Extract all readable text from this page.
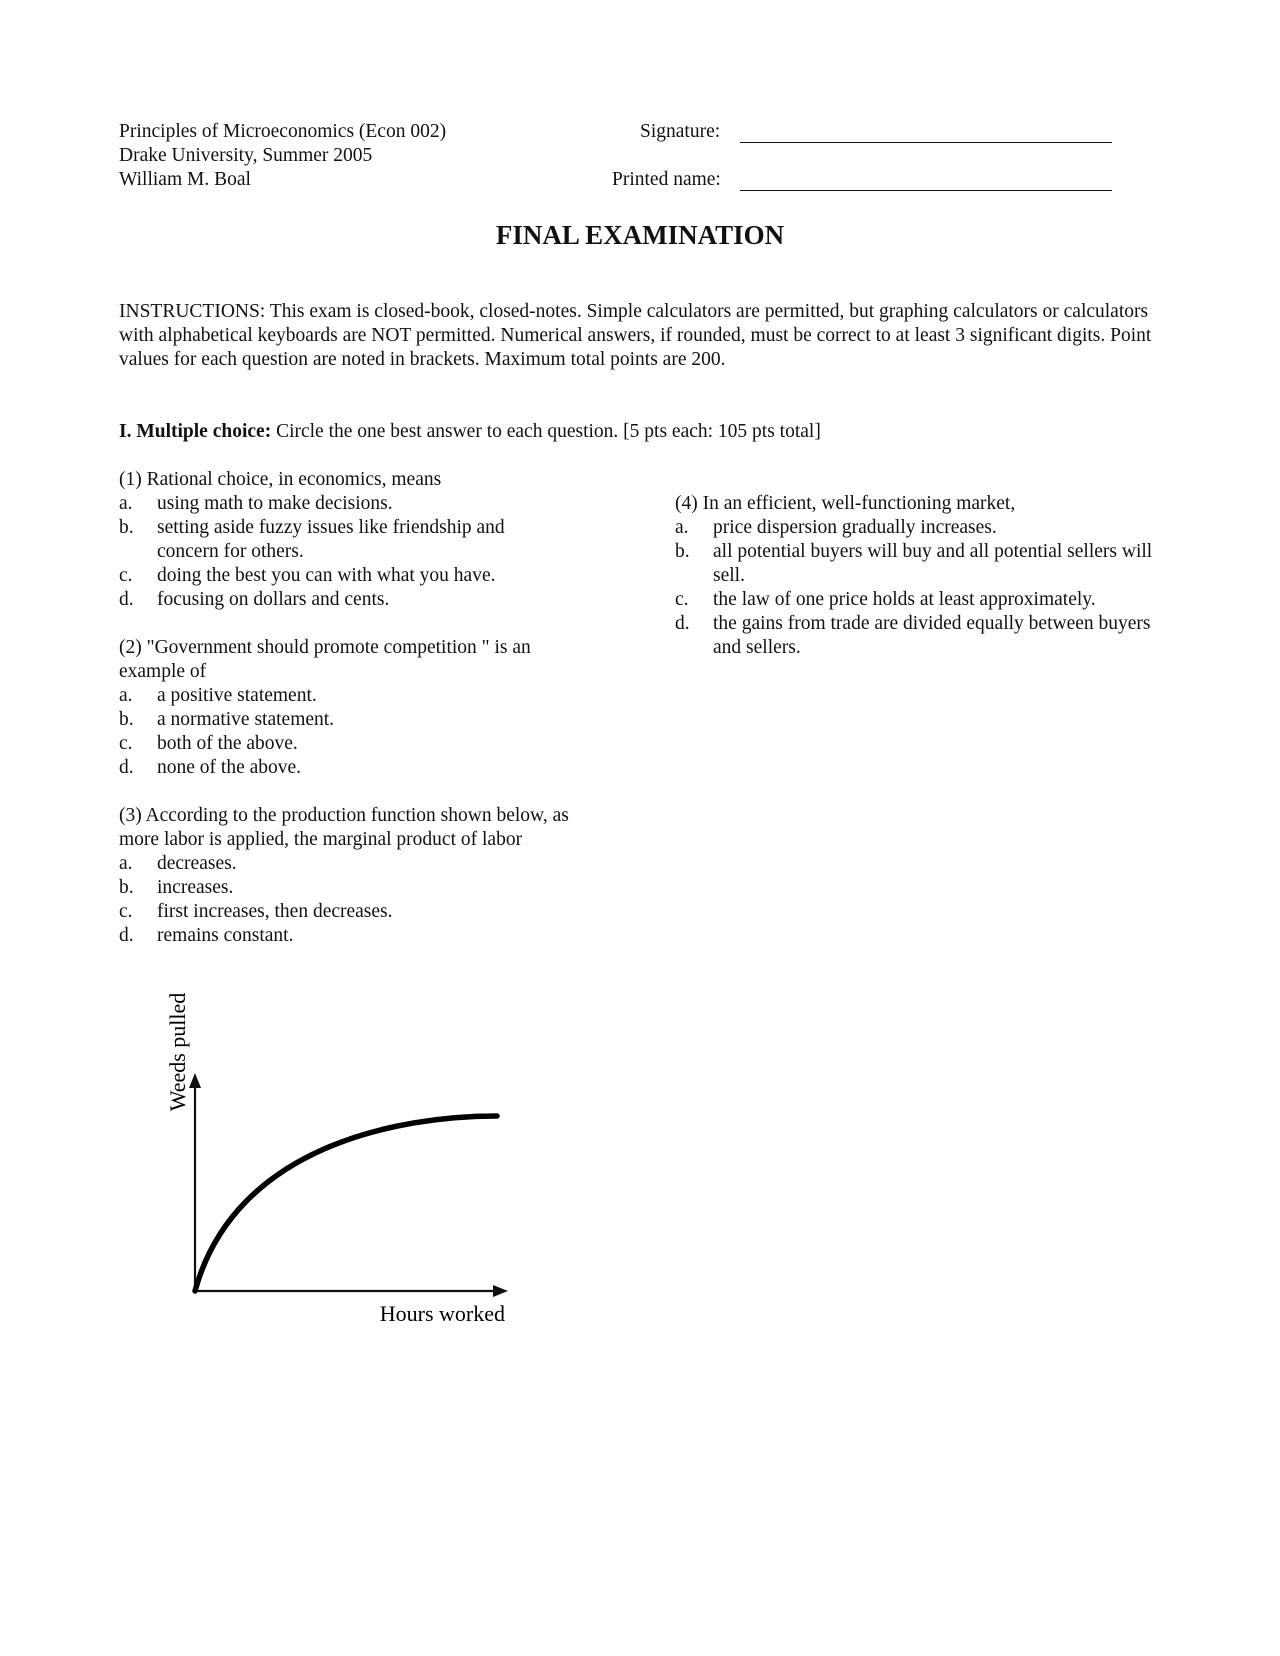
Principles of Microeconomics (Econ 002)
Drake University, Summer 2005
William M. Boal
Signature:
Printed name:
FINAL EXAMINATION
INSTRUCTIONS: This exam is closed-book, closed-notes. Simple calculators are permitted, but graphing calculators or calculators with alphabetical keyboards are NOT permitted. Numerical answers, if rounded, must be correct to at least 3 significant digits. Point values for each question are noted in brackets. Maximum total points are 200.
I. Multiple choice: Circle the one best answer to each question. [5 pts each: 105 pts total]
(1) Rational choice, in economics, means
a.	using math to make decisions.
b.	setting aside fuzzy issues like friendship and concern for others.
c.	doing the best you can with what you have.
d.	focusing on dollars and cents.
(2) "Government should promote competition " is an example of
a.	a positive statement.
b.	a normative statement.
c.	both of the above.
d.	none of the above.
(3) According to the production function shown below, as more labor is applied, the marginal product of labor
a.	decreases.
b.	increases.
c.	first increases, then decreases.
d.	remains constant.
(4) In an efficient, well-functioning market,
a.	price dispersion gradually increases.
b.	all potential buyers will buy and all potential sellers will sell.
c.	the law of one price holds at least approximately.
d.	the gains from trade are divided equally between buyers and sellers.
Weeds pulled
Hours worked
